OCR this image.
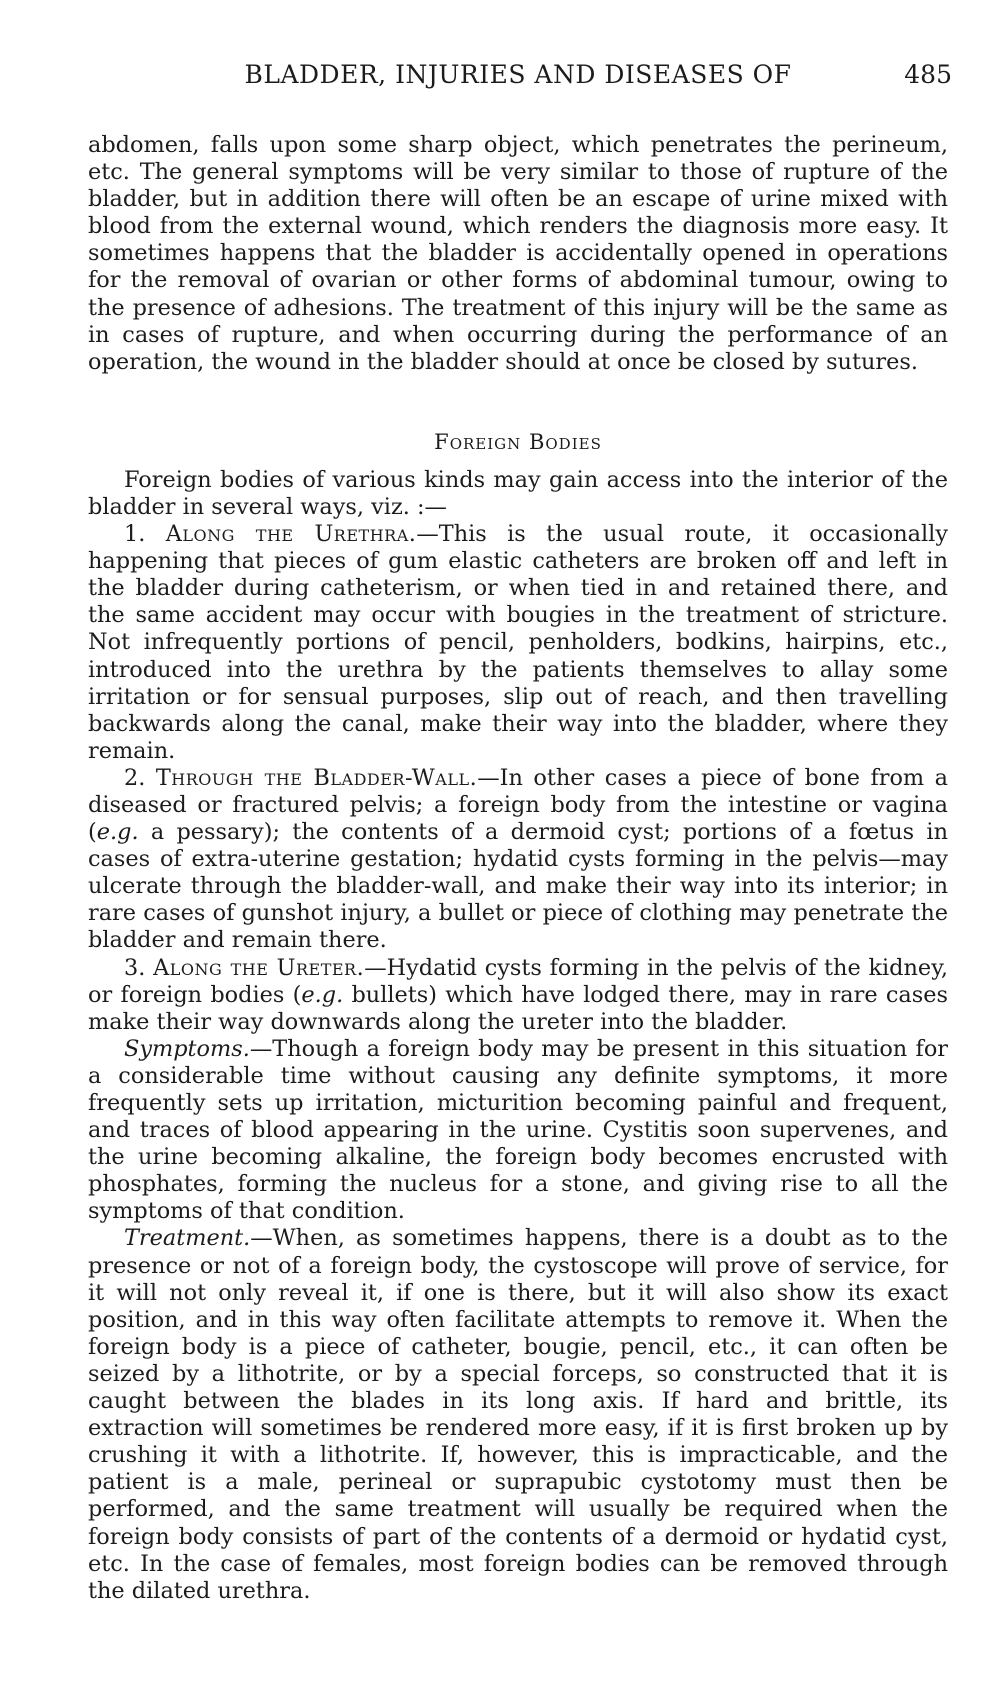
BLADDER, INJURIES AND DISEASES OF	485

abdomen, falls upon some sharp object, which penetrates the perineum, etc. The general symptoms will be very similar to those of rupture of the bladder, but in addition there will often be an escape of urine mixed with blood from the external wound, which renders the diagnosis more easy. It sometimes happens that the bladder is accidentally opened in operations for the removal of ovarian or other forms of abdominal tumour, owing to the presence of adhesions. The treatment of this injury will be the same as in cases of rupture, and when occurring during the performance of an operation, the wound in the bladder should at once be closed by sutures.

Foreign Bodies

Foreign bodies of various kinds may gain access into the interior of the bladder in several ways, viz. :—

1. Along the Urethra.—This is the usual route, it occasionally happening that pieces of gum elastic catheters are broken off and left in the bladder during catheterism, or when tied in and retained there, and the same accident may occur with bougies in the treatment of stricture. Not infrequently portions of pencil, penholders, bodkins, hairpins, etc., introduced into the urethra by the patients themselves to allay some irritation or for sensual purposes, slip out of reach, and then travelling backwards along the canal, make their way into the bladder, where they remain.

2. Through the Bladder-Wall.—In other cases a piece of bone from a diseased or fractured pelvis; a foreign body from the intestine or vagina (e.g. a pessary); the contents of a dermoid cyst; portions of a fœtus in cases of extra-uterine gestation; hydatid cysts forming in the pelvis—may ulcerate through the bladder-wall, and make their way into its interior; in rare cases of gunshot injury, a bullet or piece of clothing may penetrate the bladder and remain there.

3. Along the Ureter.—Hydatid cysts forming in the pelvis of the kidney, or foreign bodies (e.g. bullets) which have lodged there, may in rare cases make their way downwards along the ureter into the bladder.

Symptoms.—Though a foreign body may be present in this situation for a considerable time without causing any definite symptoms, it more frequently sets up irritation, micturition becoming painful and frequent, and traces of blood appearing in the urine. Cystitis soon supervenes, and the urine becoming alkaline, the foreign body becomes encrusted with phosphates, forming the nucleus for a stone, and giving rise to all the symptoms of that condition.

Treatment.—When, as sometimes happens, there is a doubt as to the presence or not of a foreign body, the cystoscope will prove of service, for it will not only reveal it, if one is there, but it will also show its exact position, and in this way often facilitate attempts to remove it. When the foreign body is a piece of catheter, bougie, pencil, etc., it can often be seized by a lithotrite, or by a special forceps, so constructed that it is caught between the blades in its long axis. If hard and brittle, its extraction will sometimes be rendered more easy, if it is first broken up by crushing it with a lithotrite. If, however, this is impracticable, and the patient is a male, perineal or suprapubic cystotomy must then be performed, and the same treatment will usually be required when the foreign body consists of part of the contents of a dermoid or hydatid cyst, etc. In the case of females, most foreign bodies can be removed through the dilated urethra.
